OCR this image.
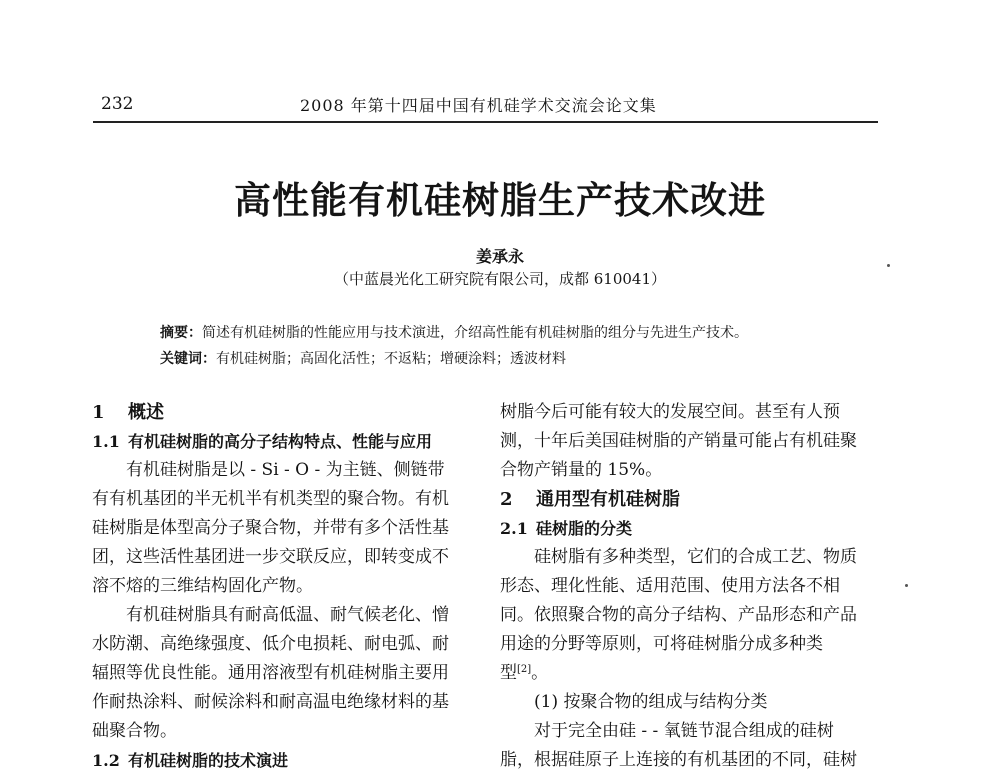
232	2008 年第十四届中国有机硅学术交流会论文集
高性能有机硅树脂生产技术改进
姜承永
（中蓝晨光化工研究院有限公司，成都 610041）
摘要：简述有机硅树脂的性能应用与技术演进，介绍高性能有机硅树脂的组分与先进生产技术。
关键词：有机硅树脂；高固化活性；不返粘；增硬涂料；透波材料
1 概述
1.1 有机硅树脂的高分子结构特点、性能与应用
有机硅树脂是以 - Si - O - 为主链、侧链带
有有机基团的半无机半有机类型的聚合物。有机
硅树脂是体型高分子聚合物，并带有多个活性基
团，这些活性基团进一步交联反应，即转变成不
溶不熔的三维结构固化产物。
有机硅树脂具有耐高低温、耐气候老化、憎
水防潮、高绝缘强度、低介电损耗、耐电弧、耐
辐照等优良性能。通用溶液型有机硅树脂主要用
作耐热涂料、耐候涂料和耐高温电绝缘材料的基
础聚合物。
1.2 有机硅树脂的技术演进
树脂今后可能有较大的发展空间。甚至有人预
测，十年后美国硅树脂的产销量可能占有机硅聚
合物产销量的 15%。
2 通用型有机硅树脂
2.1 硅树脂的分类
硅树脂有多种类型，它们的合成工艺、物质
形态、理化性能、适用范围、使用方法各不相
同。依照聚合物的高分子结构、产品形态和产品
用途的分野等原则，可将硅树脂分成多种类
型[2]。
(1) 按聚合物的组成与结构分类
对于完全由硅 - - 氧链节混合组成的硅树
脂，根据硅原子上连接的有机基团的不同，硅树
